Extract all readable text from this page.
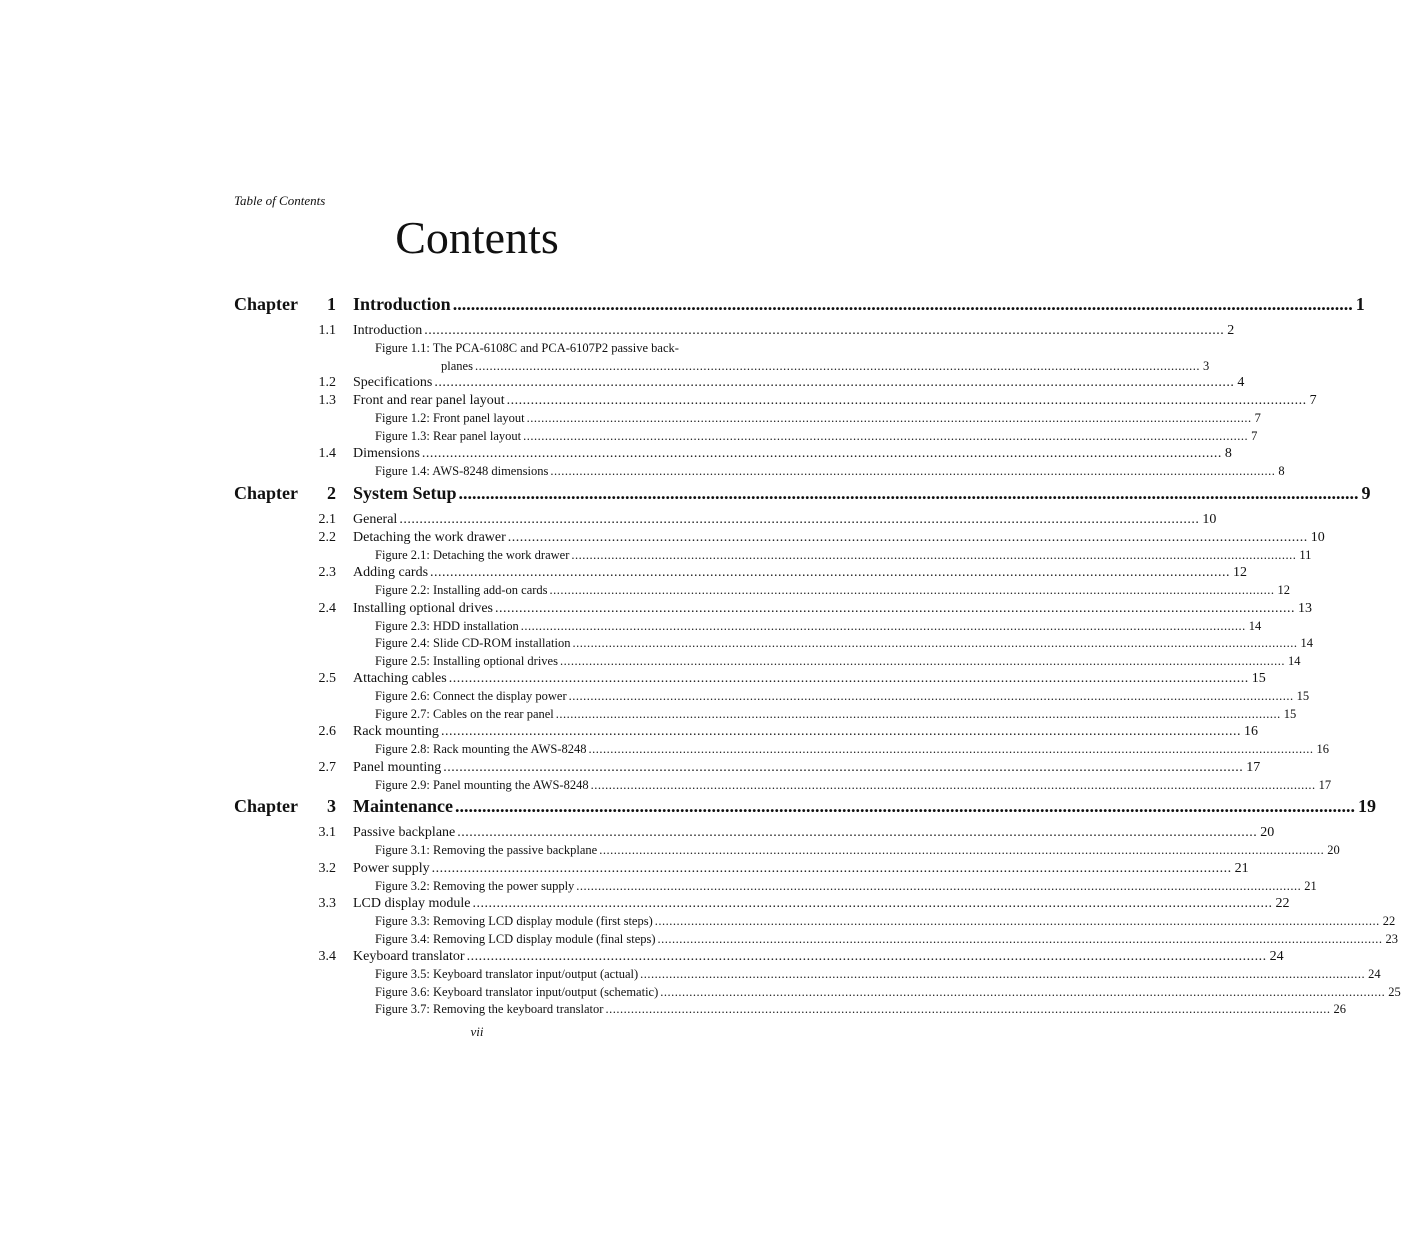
Table of Contents
Contents
Chapter	1 Introduction ........................................................................................................................................................................................................ 1
1.1 Introduction ........................................................................................................................................................................................................ 2
Figure 1.1: The PCA-6108C and PCA-6107P2 passive back-
planes ........................................................................................................................................................................................................ 3
1.2 Specifications ........................................................................................................................................................................................................ 4
1.3 Front and rear panel layout ........................................................................................................................................................................................................ 7
Figure 1.2: Front panel layout ........................................................................................................................................................................................................ 7
Figure 1.3: Rear panel layout ........................................................................................................................................................................................................ 7
1.4 Dimensions ........................................................................................................................................................................................................ 8
Figure 1.4: AWS-8248 dimensions ........................................................................................................................................................................................................ 8
Chapter	2 System Setup ........................................................................................................................................................................................................ 9
2.1 General ........................................................................................................................................................................................................ 10
2.2 Detaching the work drawer ........................................................................................................................................................................................................ 10
Figure 2.1: Detaching the work drawer ........................................................................................................................................................................................................ 11
2.3 Adding cards ........................................................................................................................................................................................................ 12
Figure 2.2: Installing add-on cards ........................................................................................................................................................................................................ 12
2.4 Installing optional drives ........................................................................................................................................................................................................ 13
Figure 2.3: HDD installation ........................................................................................................................................................................................................ 14
Figure 2.4: Slide CD-ROM installation ........................................................................................................................................................................................................ 14
Figure 2.5: Installing optional drives ........................................................................................................................................................................................................ 14
2.5 Attaching cables ........................................................................................................................................................................................................ 15
Figure 2.6: Connect the display power ........................................................................................................................................................................................................ 15
Figure 2.7: Cables on the rear panel ........................................................................................................................................................................................................ 15
2.6 Rack mounting ........................................................................................................................................................................................................ 16
Figure 2.8: Rack mounting the AWS-8248 ........................................................................................................................................................................................................ 16
2.7 Panel mounting ........................................................................................................................................................................................................ 17
Figure 2.9: Panel mounting the AWS-8248 ........................................................................................................................................................................................................ 17
Chapter	3 Maintenance ........................................................................................................................................................................................................ 19
3.1 Passive backplane ........................................................................................................................................................................................................ 20
Figure 3.1: Removing the passive backplane ........................................................................................................................................................................................................ 20
3.2 Power supply ........................................................................................................................................................................................................ 21
Figure 3.2: Removing the power supply ........................................................................................................................................................................................................ 21
3.3 LCD display module ........................................................................................................................................................................................................ 22
Figure 3.3: Removing LCD display module (first steps) ........................................................................................................................................................................................................ 22
Figure 3.4: Removing LCD display module (final steps) ........................................................................................................................................................................................................ 23
3.4 Keyboard translator ........................................................................................................................................................................................................ 24
Figure 3.5: Keyboard translator input/output (actual) ........................................................................................................................................................................................................ 24
Figure 3.6: Keyboard translator input/output (schematic) ........................................................................................................................................................................................................ 25
Figure 3.7: Removing the keyboard translator ........................................................................................................................................................................................................ 26
vii
